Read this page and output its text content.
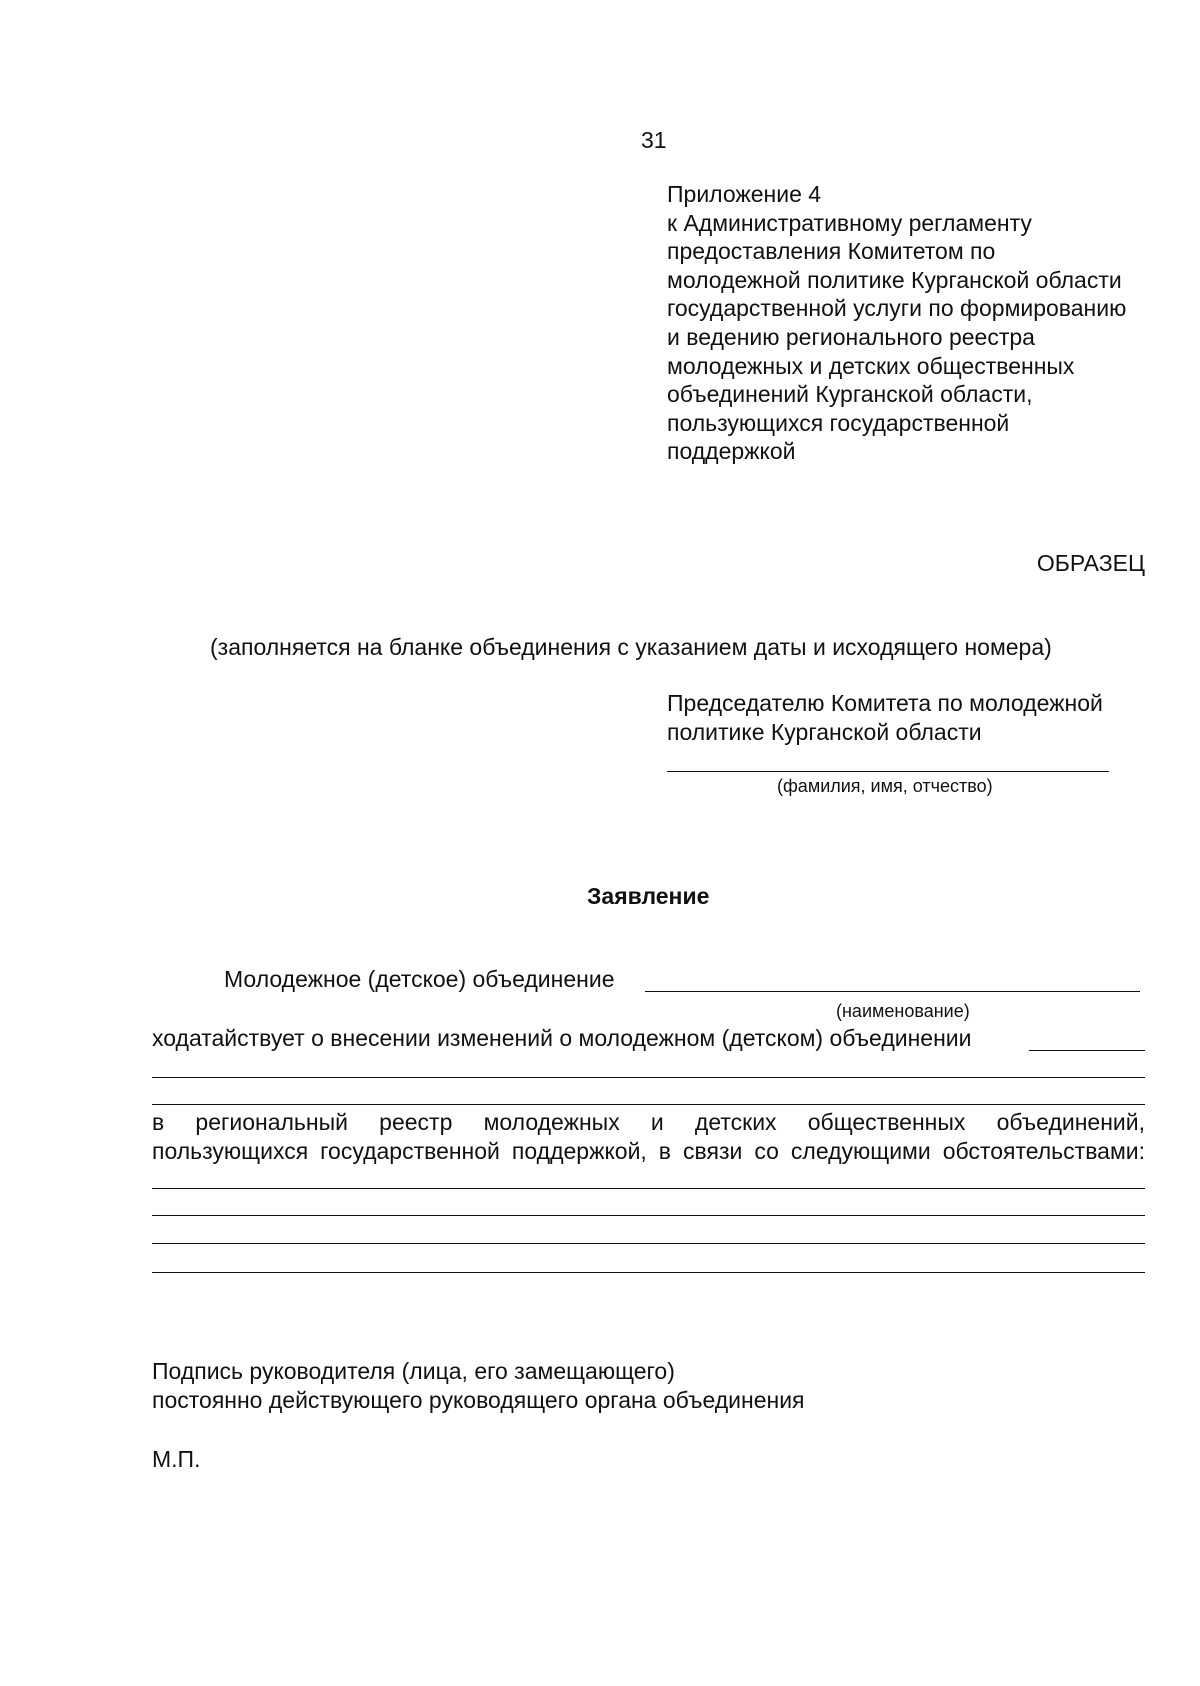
31
Приложение 4
к Административному регламенту
предоставления Комитетом по
молодежной политике Курганской области
государственной услуги по формированию
и ведению регионального реестра
молодежных и детских общественных
объединений Курганской области,
пользующихся государственной
поддержкой
ОБРАЗЕЦ
(заполняется на бланке объединения с указанием даты и исходящего номера)
Председателю Комитета по молодежной
политике Курганской области
(фамилия, имя, отчество)
Заявление
Молодежное (детское) объединение
(наименование)
ходатайствует о внесении изменений о молодежном (детском) объединении
в региональный реестр молодежных и детских общественных объединений,
пользующихся государственной поддержкой, в связи со следующими обстоятельствами:
Подпись руководителя (лица, его замещающего)
постоянно действующего руководящего органа объединения
М.П.
